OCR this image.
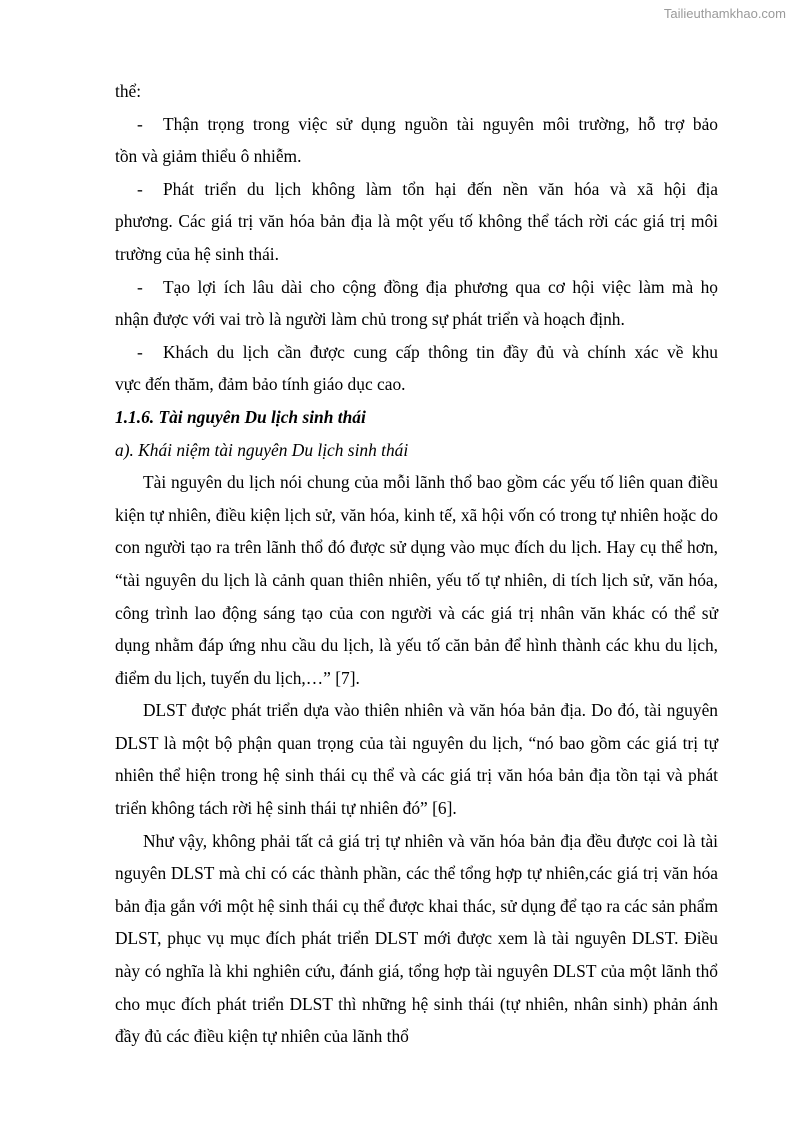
Tailieuthamkhao.com

thể:

-	Thận trọng trong việc sử dụng nguồn tài nguyên môi trường, hỗ trợ bảo

tồn và giảm thiểu ô nhiễm.

-	Phát triển du lịch không làm tổn hại đến nền văn hóa và xã hội địa

phương. Các giá trị văn hóa bản địa là một yếu tố không thể tách rời các giá trị môi trường của hệ sinh thái.

-	Tạo lợi ích lâu dài cho cộng đồng địa phương qua cơ hội việc làm mà họ

nhận được với vai trò là người làm chủ trong sự phát triển và hoạch định.

-	Khách du lịch cần được cung cấp thông tin đầy đủ và chính xác về khu

vực đến thăm, đảm bảo tính giáo dục cao.

1.1.6. Tài nguyên Du lịch sinh thái

a). Khái niệm tài nguyên Du lịch sinh thái

Tài nguyên du lịch nói chung của mỗi lãnh thổ bao gồm các yếu tố liên quan điều kiện tự nhiên, điều kiện lịch sử, văn hóa, kinh tế, xã hội vốn có trong tự nhiên hoặc do con người tạo ra trên lãnh thổ đó được sử dụng vào mục đích du lịch. Hay cụ thể hơn, “tài nguyên du lịch là cảnh quan thiên nhiên, yếu tố tự nhiên, di tích lịch sử, văn hóa, công trình lao động sáng tạo của con người và các giá trị nhân văn khác có thể sử dụng nhằm đáp ứng nhu cầu du lịch, là yếu tố căn bản để hình thành các khu du lịch, điểm du lịch, tuyến du lịch,…” [7].

DLST được phát triển dựa vào thiên nhiên và văn hóa bản địa. Do đó, tài nguyên DLST là một bộ phận quan trọng của tài nguyên du lịch, “nó bao gồm các giá trị tự nhiên thể hiện trong hệ sinh thái cụ thể và các giá trị văn hóa bản địa tồn tại và phát triển không tách rời hệ sinh thái tự nhiên đó” [6].

Như vậy, không phải tất cả giá trị tự nhiên và văn hóa bản địa đều được coi là tài nguyên DLST mà chỉ có các thành phần, các thể tổng hợp tự nhiên,các giá trị văn hóa bản địa gắn với một hệ sinh thái cụ thể được khai thác, sử dụng để tạo ra các sản phẩm DLST, phục vụ mục đích phát triển DLST mới được xem là tài nguyên DLST. Điều này có nghĩa là khi nghiên cứu, đánh giá, tổng hợp tài nguyên DLST của một lãnh thổ cho mục đích phát triển DLST thì những hệ sinh thái (tự nhiên, nhân sinh) phản ánh đầy đủ các điều kiện tự nhiên của lãnh thổ
